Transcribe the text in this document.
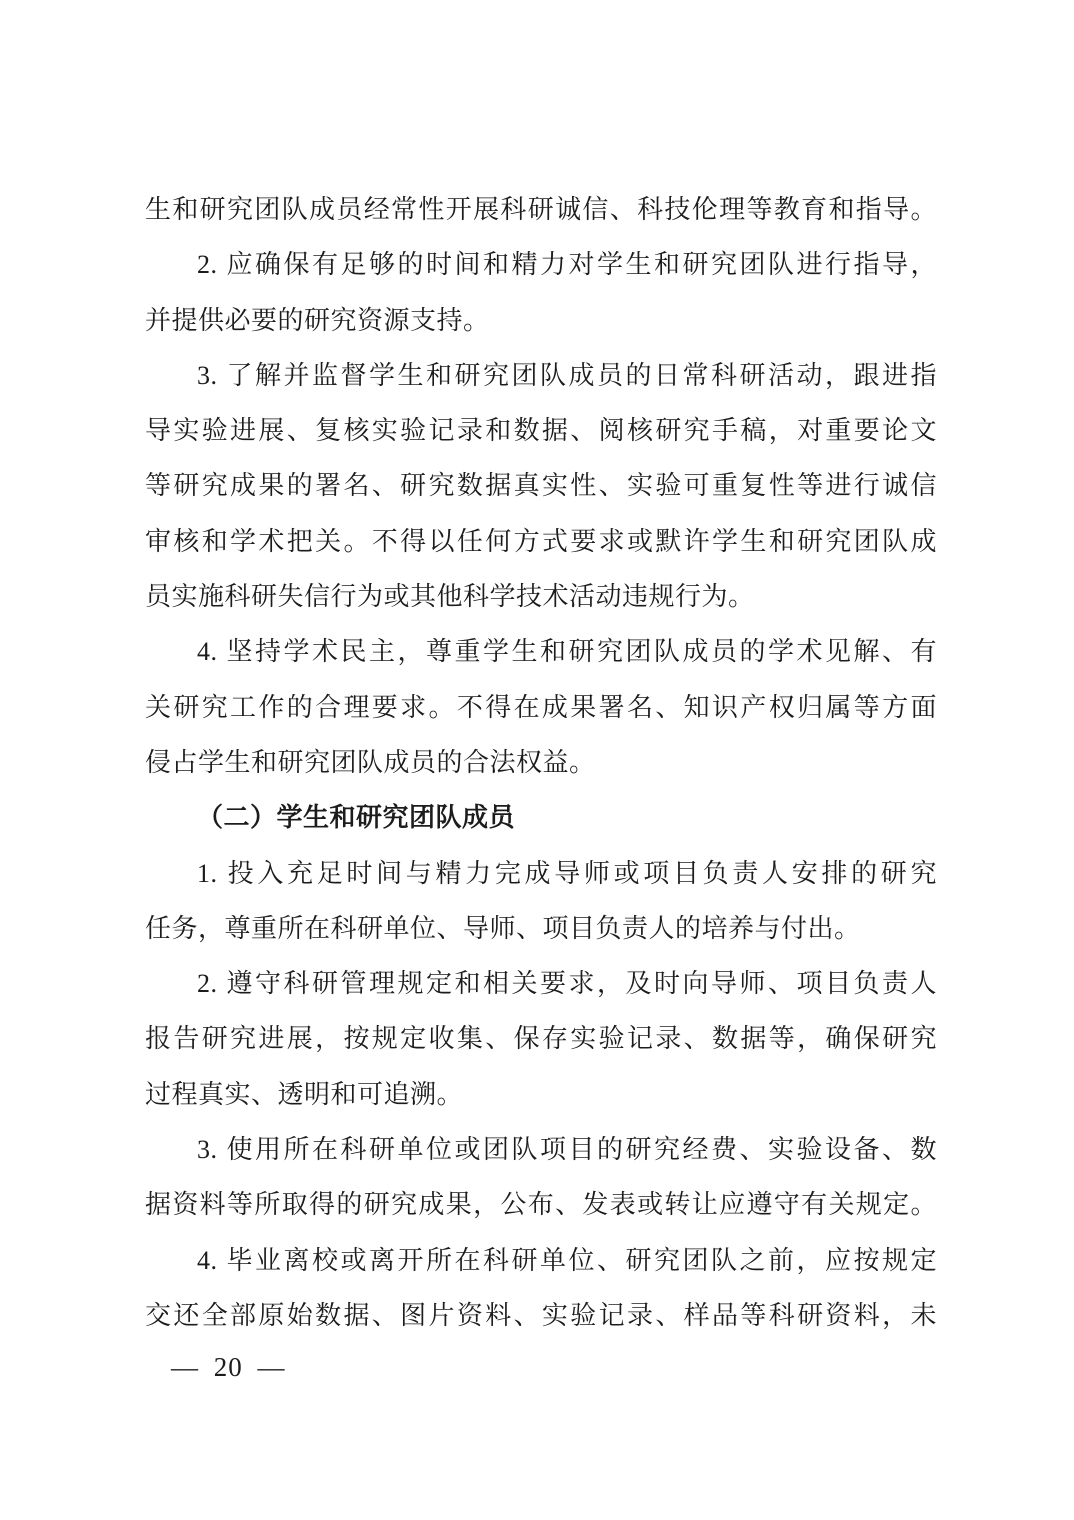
生和研究团队成员经常性开展科研诚信、科技伦理等教育和指导。

2. 应确保有足够的时间和精力对学生和研究团队进行指导，

并提供必要的研究资源支持。

3. 了解并监督学生和研究团队成员的日常科研活动，跟进指

导实验进展、复核实验记录和数据、阅核研究手稿，对重要论文

等研究成果的署名、研究数据真实性、实验可重复性等进行诚信

审核和学术把关。不得以任何方式要求或默许学生和研究团队成

员实施科研失信行为或其他科学技术活动违规行为。

4. 坚持学术民主，尊重学生和研究团队成员的学术见解、有

关研究工作的合理要求。不得在成果署名、知识产权归属等方面

侵占学生和研究团队成员的合法权益。

（二）学生和研究团队成员

1. 投入充足时间与精力完成导师或项目负责人安排的研究

任务，尊重所在科研单位、导师、项目负责人的培养与付出。

2. 遵守科研管理规定和相关要求，及时向导师、项目负责人

报告研究进展，按规定收集、保存实验记录、数据等，确保研究

过程真实、透明和可追溯。

3. 使用所在科研单位或团队项目的研究经费、实验设备、数

据资料等所取得的研究成果，公布、发表或转让应遵守有关规定。

4. 毕业离校或离开所在科研单位、研究团队之前，应按规定

交还全部原始数据、图片资料、实验记录、样品等科研资料，未

— 20 —
